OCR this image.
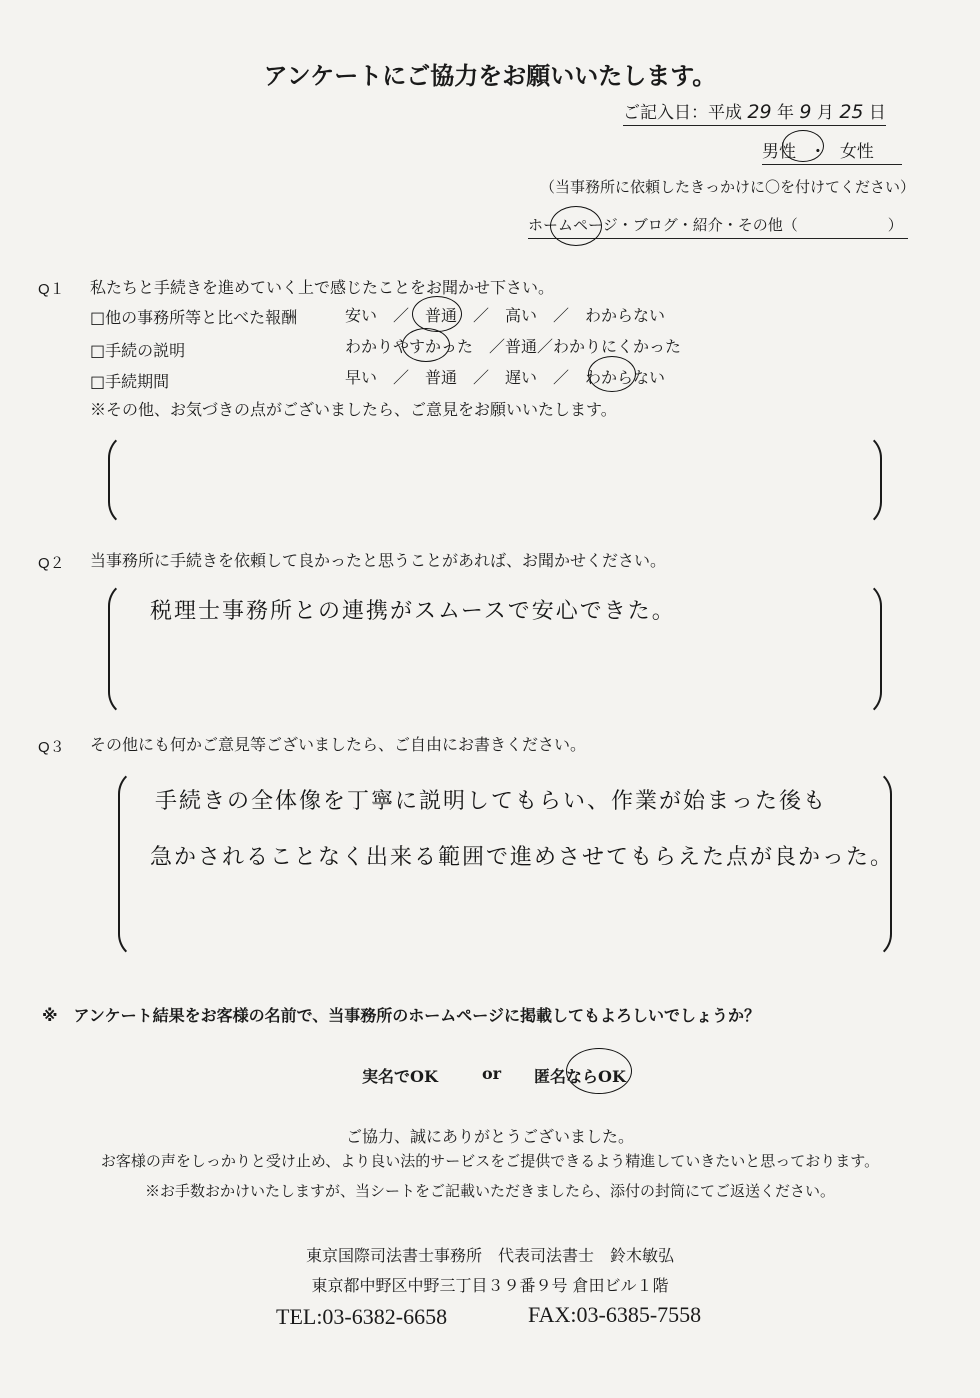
アンケートにご協力をお願いいたします。
ご記入日：平成 29 年 9 月 25 日
男性 ・ 女性
（当事務所に依頼したきっかけに〇を付けてください）
ホームページ・ブログ・紹介・その他（　　　　　　）
Q１ 私たちと手続きを進めていく上で感じたことをお聞かせ下さい。
□他の事務所等と比べた報酬	安い　／　普通　／　高い　／　わからない
□手続の説明	わかりやすかった　／普通／わかりにくかった
□手続期間	早い　／　普通　／　遅い　／　わからない
※その他、お気づきの点がございましたら、ご意見をお願いいたします。
Q２ 当事務所に手続きを依頼して良かったと思うことがあれば、お聞かせください。
税理士事務所との連携がスムースで安心できた。
Q３ その他にも何かご意見等ございましたら、ご自由にお書きください。
手続きの全体像を丁寧に説明してもらい、作業が始まった後も
急かされることなく出来る範囲で進めさせてもらえた点が良かった。
※　アンケート結果をお客様の名前で、当事務所のホームページに掲載してもよろしいでしょうか？
実名でOK	or 匿名ならOK
ご協力、誠にありがとうございました。
お客様の声をしっかりと受け止め、より良い法的サービスをご提供できるよう精進していきたいと思っております。
※お手数おかけいたしますが、当シートをご記載いただきましたら、添付の封筒にてご返送ください。
東京国際司法書士事務所　代表司法書士　鈴木敏弘
東京都中野区中野三丁目３９番９号 倉田ビル１階
TEL:03-6382-6658	FAX:03-6385-7558
